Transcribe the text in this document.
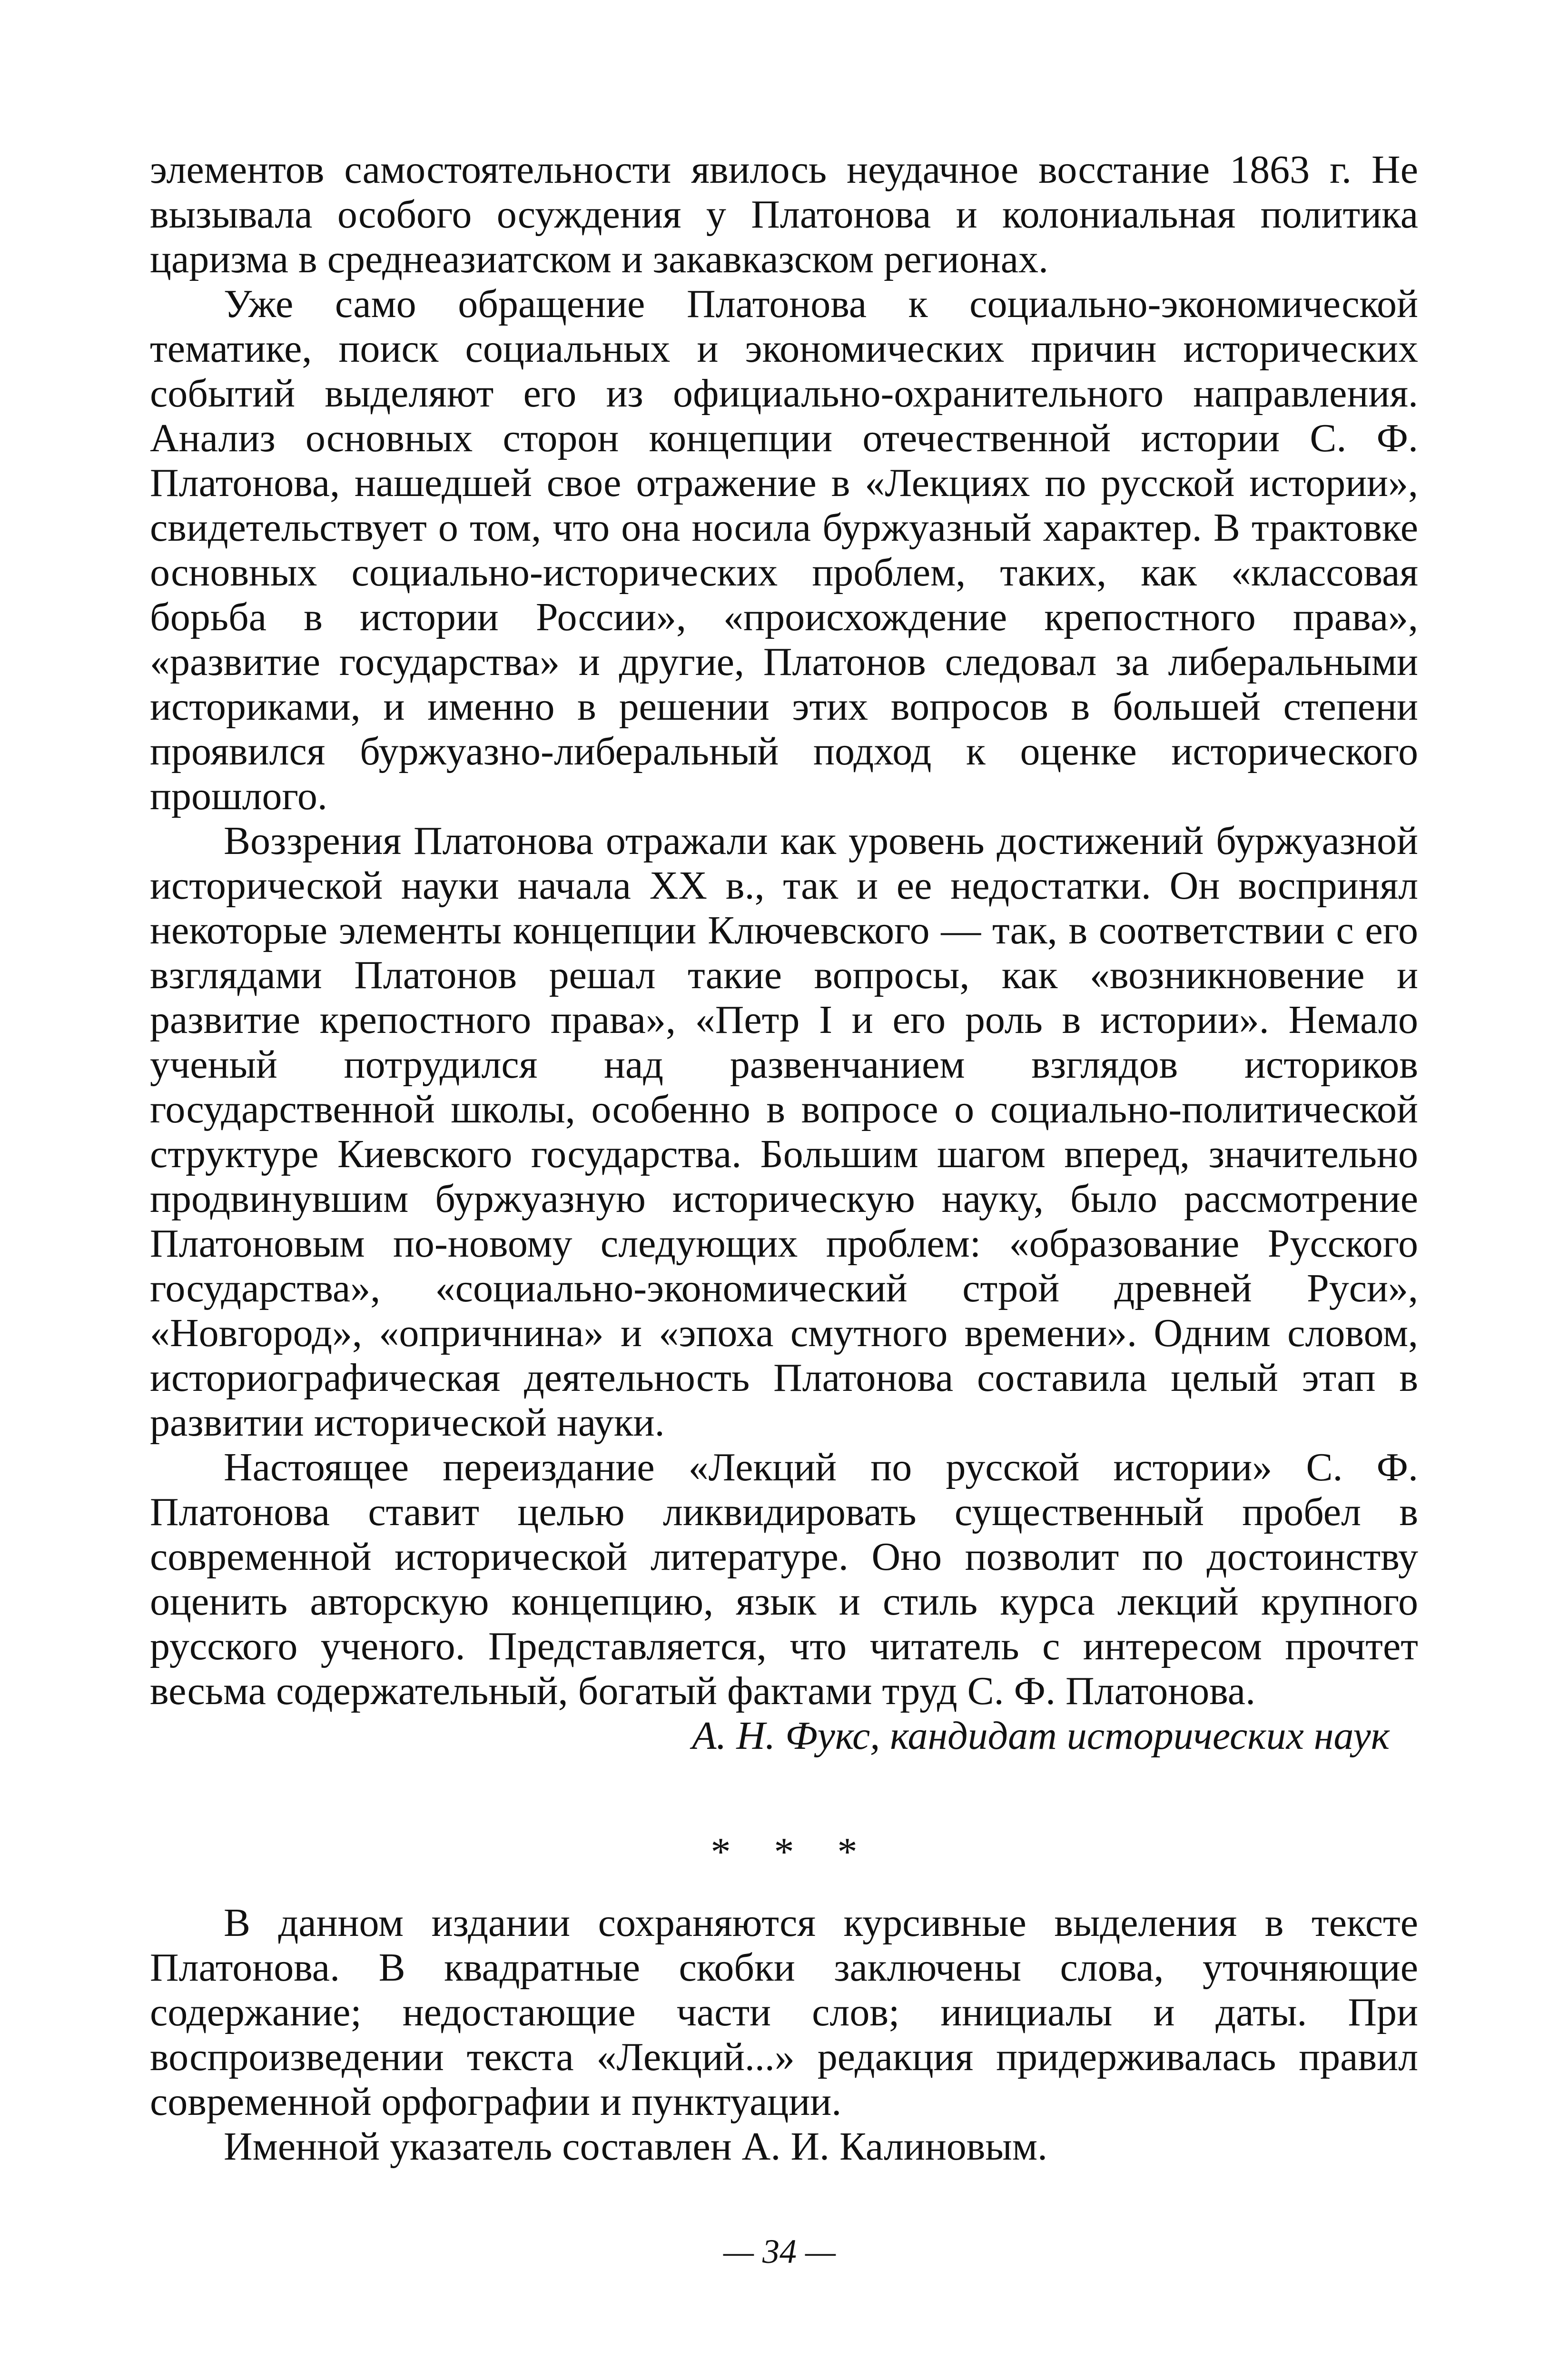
элементов самостоятельности явилось неудачное восстание 1863 г. Не вызывала особого осуждения у Платонова и колониальная политика царизма в среднеазиатском и закавказском регионах.

Уже само обращение Платонова к социально-экономической тематике, поиск социальных и экономических причин исторических событий выделяют его из официально-охранительного направления. Анализ основных сторон концепции отечественной истории С. Ф. Платонова, нашедшей свое отражение в «Лекциях по русской истории», свидетельствует о том, что она носила буржуазный характер. В трактовке основных социально-исторических проблем, таких, как «классовая борьба в истории России», «происхождение крепостного права», «развитие государства» и другие, Платонов следовал за либеральными историками, и именно в решении этих вопросов в большей степени проявился буржуазно-либеральный подход к оценке исторического прошлого.

Воззрения Платонова отражали как уровень достижений буржуазной исторической науки начала XX в., так и ее недостатки. Он воспринял некоторые элементы концепции Ключевского — так, в соответствии с его взглядами Платонов решал такие вопросы, как «возникновение и развитие крепостного права», «Петр I и его роль в истории». Немало ученый потрудился над развенчанием взглядов историков государственной школы, особенно в вопросе о социально-политической структуре Киевского государства. Большим шагом вперед, значительно продвинувшим буржуазную историческую науку, было рассмотрение Платоновым по-новому следующих проблем: «образование Русского государства», «социально-экономический строй древней Руси», «Новгород», «опричнина» и «эпоха смутного времени». Одним словом, историографическая деятельность Платонова составила целый этап в развитии исторической науки.

Настоящее переиздание «Лекций по русской истории» С. Ф. Платонова ставит целью ликвидировать существенный пробел в современной исторической литературе. Оно позволит по достоинству оценить авторскую концепцию, язык и стиль курса лекций крупного русского ученого. Представляется, что читатель с интересом прочтет весьма содержательный, богатый фактами труд С. Ф. Платонова.

А. Н. Фукс, кандидат исторических наук

* * *

В данном издании сохраняются курсивные выделения в тексте Платонова. В квадратные скобки заключены слова, уточняющие содержание; недостающие части слов; инициалы и даты. При воспроизведении текста «Лекций...» редакция придерживалась правил современной орфографии и пунктуации.

Именной указатель составлен А. И. Калиновым.

— 34 —
